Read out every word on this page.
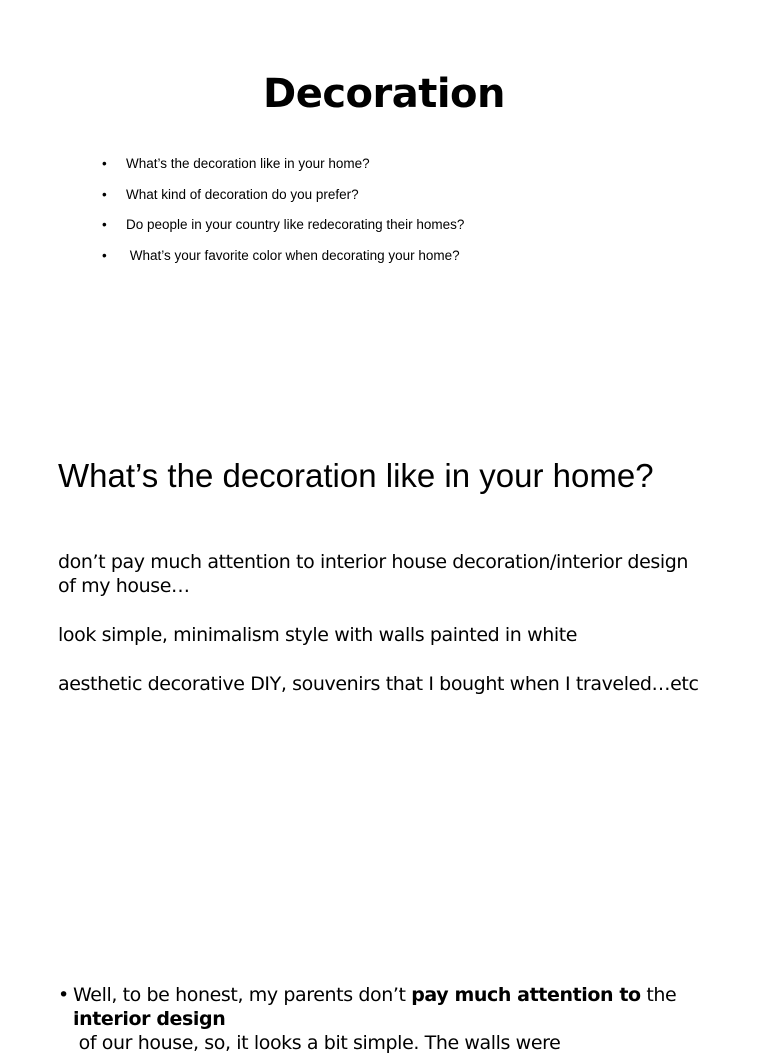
Decoration
• What’s the decoration like in your home?
• What kind of decoration do you prefer?
• Do people in your country like redecorating their homes?
• What’s your favorite color when decorating your home?
What’s the decoration like in your home?

don’t pay much attention to interior house decoration/interior design of my house…

look simple, minimalism style with walls painted in white

aesthetic decorative DIY, souvenirs that I bought when I traveled…etc

• Well, to be honest, my parents don’t pay much attention to the
interior design of our house, so, it looks a bit simple. The walls were
